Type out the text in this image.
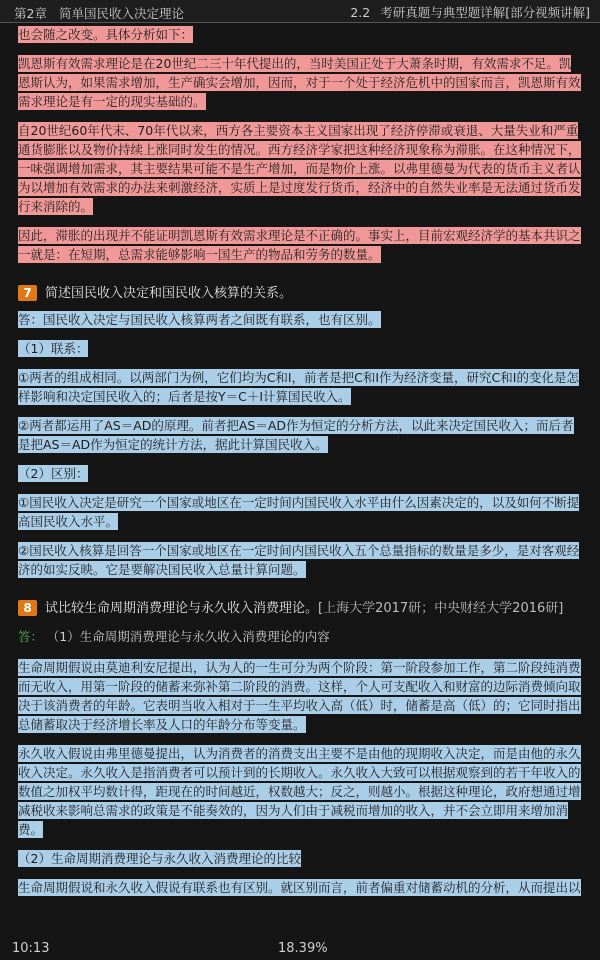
第2章 简单国民收入决定理论	2.2 考研真题与典型题详解[部分视频讲解]

也会随之改变。具体分析如下：

凯恩斯有效需求理论是在20世纪二三十年代提出的，当时美国正处于大萧条时期，有效需求不足。凯恩斯认为，如果需求增加，生产确实会增加，因而，对于一个处于经济危机中的国家而言，凯恩斯有效需求理论是有一定的现实基础的。

自20世纪60年代末、70年代以来，西方各主要资本主义国家出现了经济停滞或衰退、大量失业和严重通货膨胀以及物价持续上涨同时发生的情况。西方经济学家把这种经济现象称为滞胀。在这种情况下，一味强调增加需求，其主要结果可能不是生产增加，而是物价上涨。以弗里德曼为代表的货币主义者认为以增加有效需求的办法来刺激经济，实质上是过度发行货币，经济中的自然失业率是无法通过货币发行来消除的。

因此，滞胀的出现并不能证明凯恩斯有效需求理论是不正确的。事实上，目前宏观经济学的基本共识之一就是：在短期，总需求能够影响一国生产的物品和劳务的数量。

7 简述国民收入决定和国民收入核算的关系。

答：国民收入决定与国民收入核算两者之间既有联系，也有区别。

（1）联系：

①两者的组成相同。以两部门为例，它们均为C和I，前者是把C和I作为经济变量，研究C和I的变化是怎样影响和决定国民收入的；后者是按Y＝C＋I计算国民收入。

②两者都运用了AS＝AD的原理。前者把AS＝AD作为恒定的分析方法，以此来决定国民收入；而后者是把AS＝AD作为恒定的统计方法，据此计算国民收入。

（2）区别：

①国民收入决定是研究一个国家或地区在一定时间内国民收入水平由什么因素决定的，以及如何不断提高国民收入水平。

②国民收入核算是回答一个国家或地区在一定时间内国民收入五个总量指标的数量是多少，是对客观经济的如实反映。它是要解决国民收入总量计算问题。

8 试比较生命周期消费理论与永久收入消费理论。[上海大学2017研；中央财经大学2016研]
答： （1）生命周期消费理论与永久收入消费理论的内容

生命周期假说由莫迪利安尼提出，认为人的一生可分为两个阶段：第一阶段参加工作，第二阶段纯消费而无收入，用第一阶段的储蓄来弥补第二阶段的消费。这样，个人可支配收入和财富的边际消费倾向取决于该消费者的年龄。它表明当收入相对于一生平均收入高（低）时，储蓄是高（低）的；它同时指出总储蓄取决于经济增长率及人口的年龄分布等变量。

永久收入假说由弗里德曼提出，认为消费者的消费支出主要不是由他的现期收入决定，而是由他的永久收入决定。永久收入是指消费者可以预计到的长期收入。永久收入大致可以根据观察到的若干年收入的数值之加权平均数计得，距现在的时间越近，权数越大；反之，则越小。根据这种理论，政府想通过增减税收来影响总需求的政策是不能奏效的，因为人们由于减税而增加的收入，并不会立即用来增加消费。

（2）生命周期消费理论与永久收入消费理论的比较

生命周期假说和永久收入假说有联系也有区别。就区别而言，前者偏重对储蓄动机的分析，从而提出以

10:13	18.39%
